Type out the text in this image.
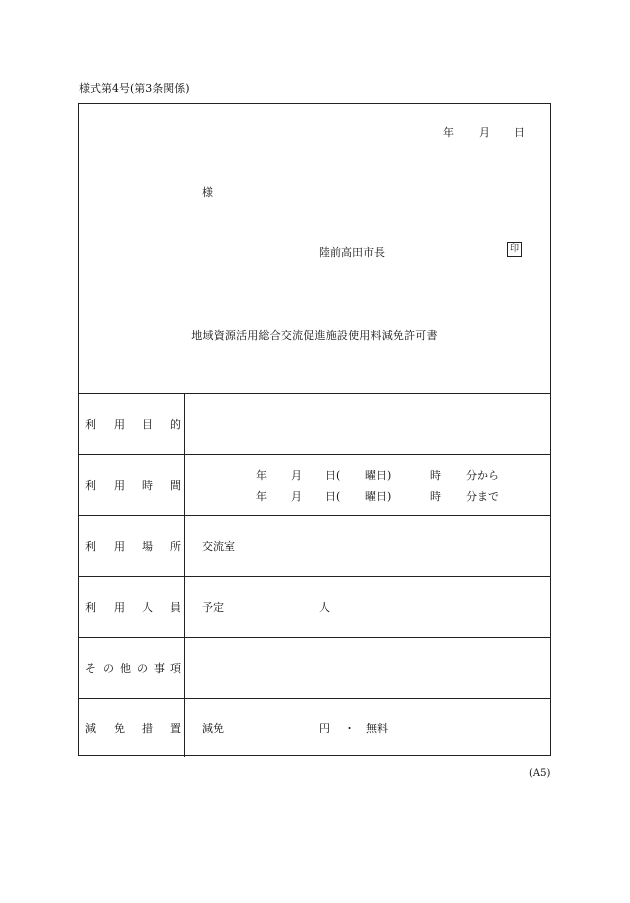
様式第4号(第3条関係)
年 月 日
様
陸前高田市長	印
地域資源活用総合交流促進施設使用料減免許可書
利 用 目 的
利 用 時 間
年 月 日( 曜日)	時 分から
年 月 日( 曜日)	時 分まで
利 用 場 所 交流室
利 用 人 員 予定	人
そ の 他 の 事 項
減 免 措 置 減免	円 ・ 無料
(A5)
